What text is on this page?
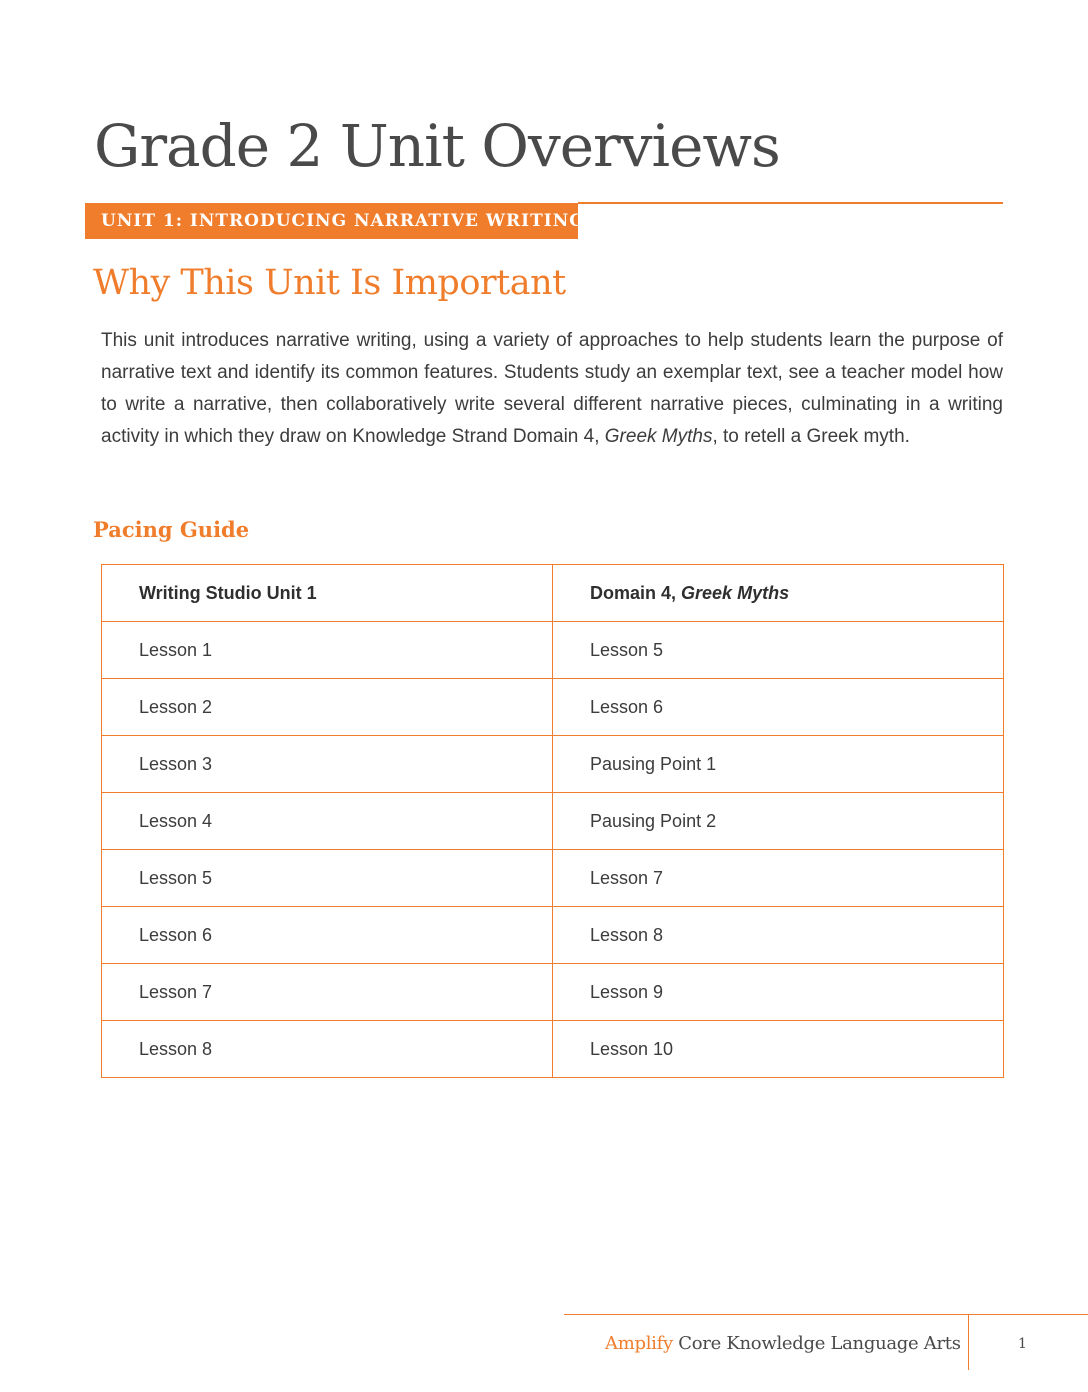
Grade 2 Unit Overviews
UNIT 1: INTRODUCING NARRATIVE WRITING
Why This Unit Is Important

This unit introduces narrative writing, using a variety of approaches to help students learn the purpose of narrative text and identify its common features. Students study an exemplar text, see a teacher model how to write a narrative, then collaboratively write several different narrative pieces, culminating in a writing activity in which they draw on Knowledge Strand Domain 4, Greek Myths, to retell a Greek myth.

Pacing Guide
Writing Studio Unit 1	Domain 4, Greek Myths
Lesson 1	Lesson 5
Lesson 2	Lesson 6
Lesson 3	Pausing Point 1
Lesson 4	Pausing Point 2
Lesson 5	Lesson 7
Lesson 6	Lesson 8
Lesson 7	Lesson 9
Lesson 8	Lesson 10
Amplify Core Knowledge Language Arts	1
